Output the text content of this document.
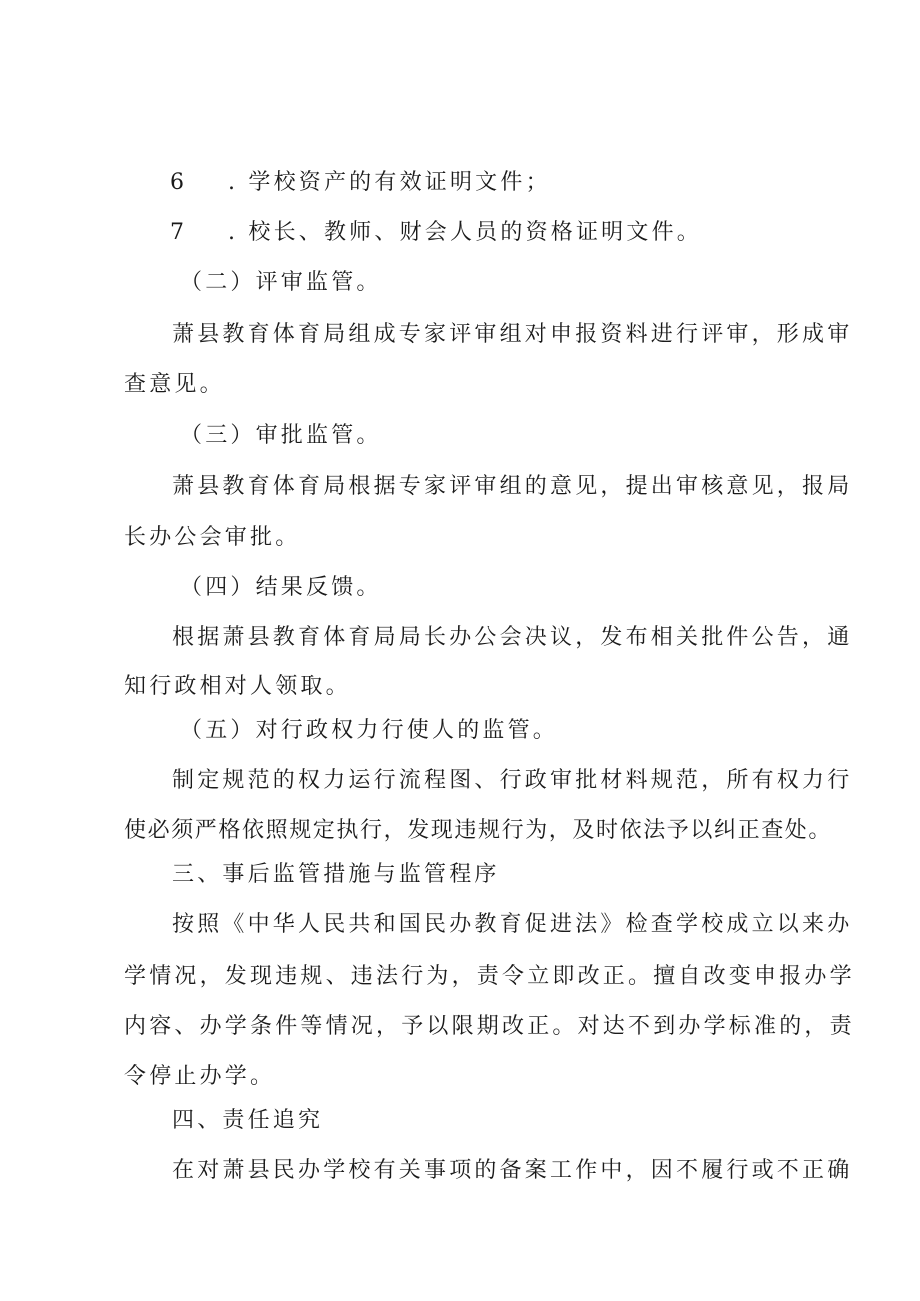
6 . 学校资产的有效证明文件；
7 . 校长、教师、财会人员的资格证明文件。
（二）评审监管。
萧县教育体育局组成专家评审组对申报资料进行评审，形成审
查意见。
（三）审批监管。
萧县教育体育局根据专家评审组的意见，提出审核意见，报局
长办公会审批。
（四）结果反馈。
根据萧县教育体育局局长办公会决议，发布相关批件公告，通
知行政相对人领取。
（五）对行政权力行使人的监管。
制定规范的权力运行流程图、行政审批材料规范，所有权力行
使必须严格依照规定执行，发现违规行为，及时依法予以纠正查处。
三、事后监管措施与监管程序
按照《中华人民共和国民办教育促进法》检查学校成立以来办
学情况，发现违规、违法行为，责令立即改正。擅自改变申报办学
内容、办学条件等情况，予以限期改正。对达不到办学标准的，责
令停止办学。
四、责任追究
在对萧县民办学校有关事项的备案工作中，因不履行或不正确
